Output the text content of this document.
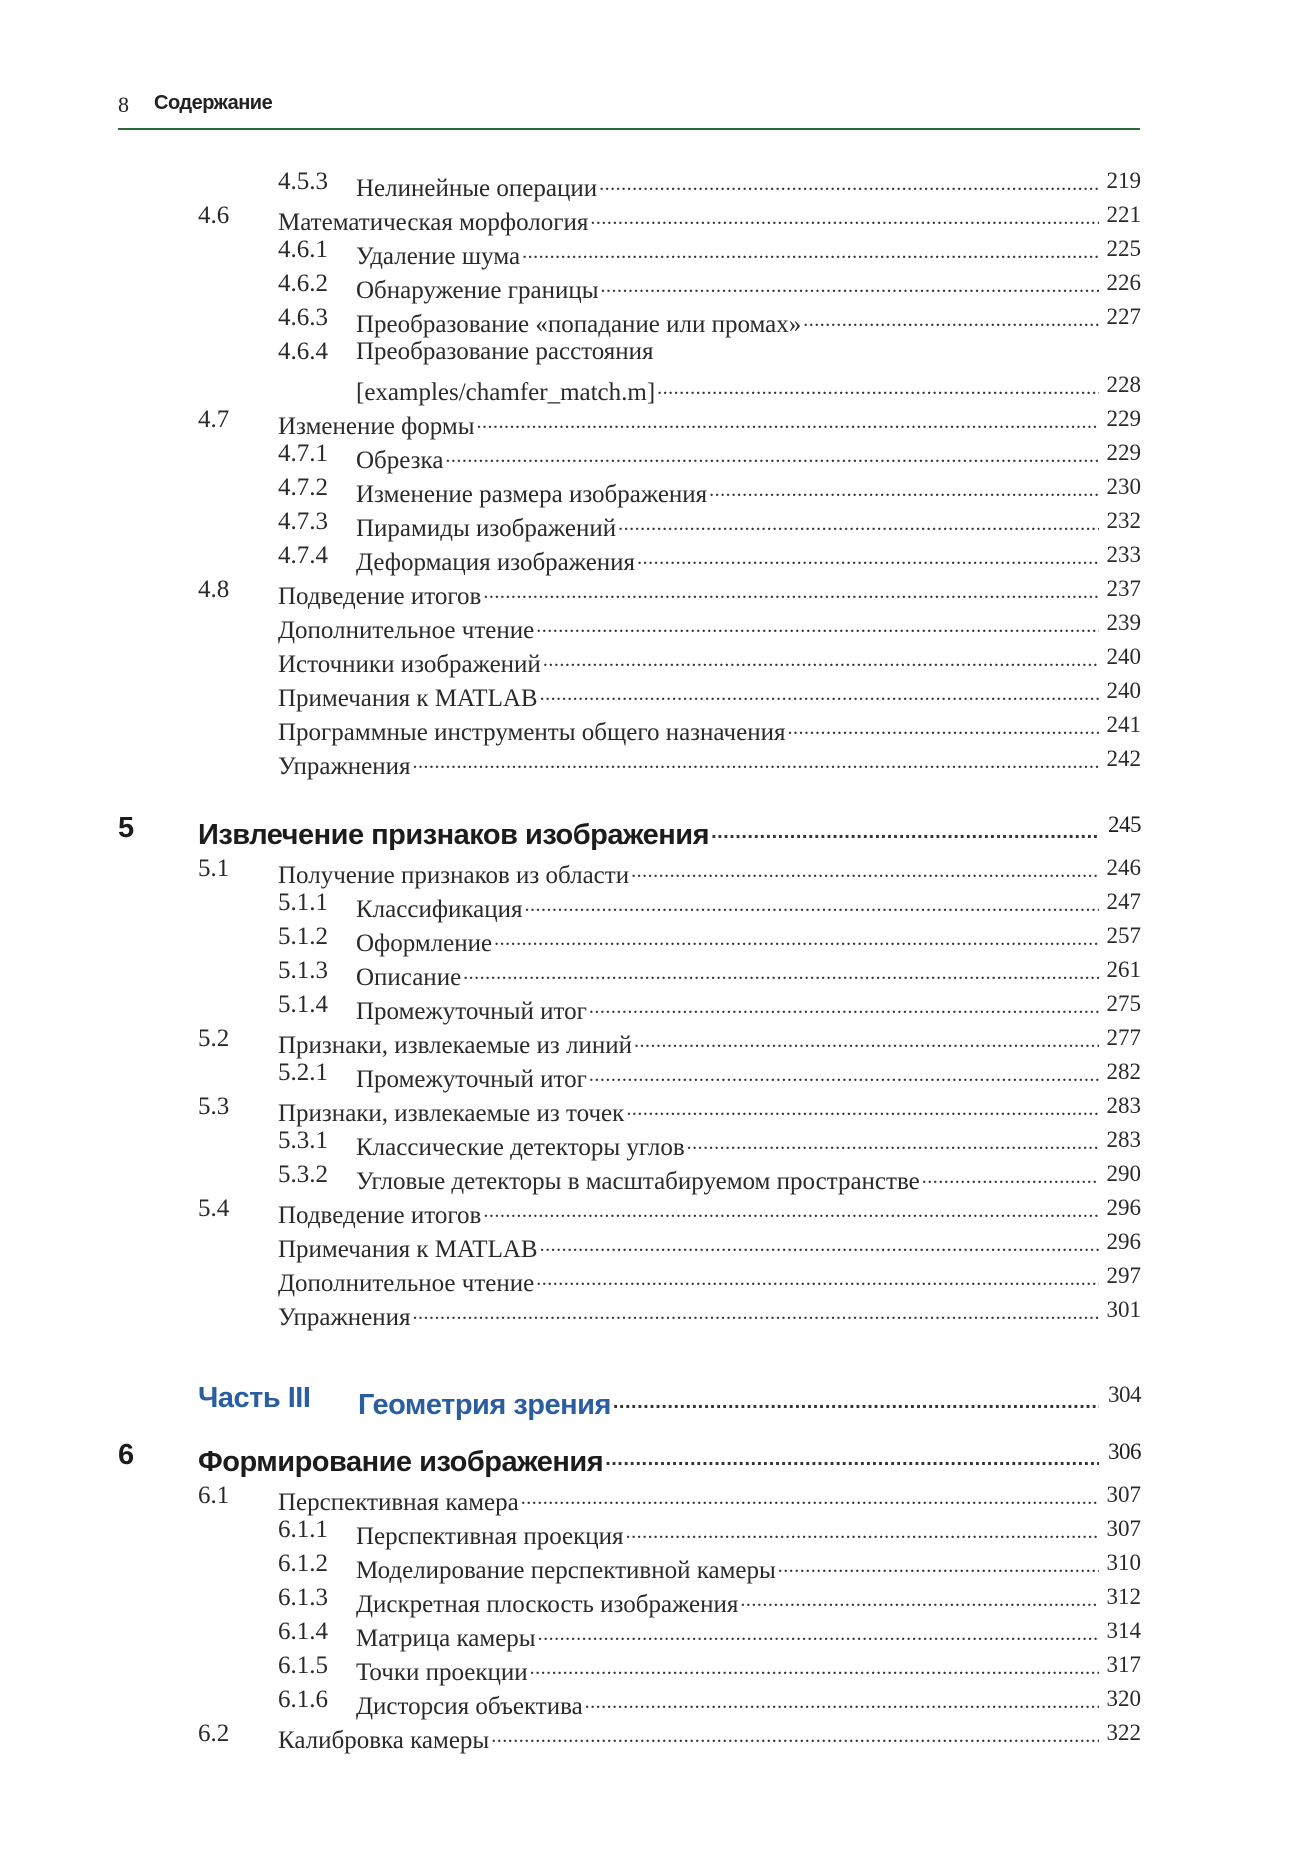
8 Содержание
4.5.3 Нелинейные операции .....	219
4.6 Математическая морфология .....	221
4.6.1 Удаление шума .....	225
4.6.2 Обнаружение границы .....	226
4.6.3 Преобразование «попадание или промах» .....	227
4.6.4 Преобразование расстояния
[examples/chamfer_match.m] .....	228
4.7 Изменение формы .....	229
4.7.1 Обрезка .....	229
4.7.2 Изменение размера изображения .....	230
4.7.3 Пирамиды изображений .....	232
4.7.4 Деформация изображения .....	233
4.8 Подведение итогов .....	237
Дополнительное чтение .....	239
Источники изображений .....	240
Примечания к MATLAB .....	240
Программные инструменты общего назначения .....	241
Упражнения .....	242
5 Извлечение признаков изображения .....	245
5.1 Получение признаков из области .....	246
5.1.1 Классификация .....	247
5.1.2 Оформление .....	257
5.1.3 Описание .....	261
5.1.4 Промежуточный итог .....	275
5.2 Признаки, извлекаемые из линий .....	277
5.2.1 Промежуточный итог .....	282
5.3 Признаки, извлекаемые из точек .....	283
5.3.1 Классические детекторы углов .....	283
5.3.2 Угловые детекторы в масштабируемом пространстве .....	290
5.4 Подведение итогов .....	296
Примечания к MATLAB .....	296
Дополнительное чтение .....	297
Упражнения .....	301
Часть III Геометрия зрения .....	304
6 Формирование изображения .....	306
6.1 Перспективная камера .....	307
6.1.1 Перспективная проекция .....	307
6.1.2 Моделирование перспективной камеры .....	310
6.1.3 Дискретная плоскость изображения .....	312
6.1.4 Матрица камеры .....	314
6.1.5 Точки проекции .....	317
6.1.6 Дисторсия объектива .....	320
6.2 Калибровка камеры .....	322
